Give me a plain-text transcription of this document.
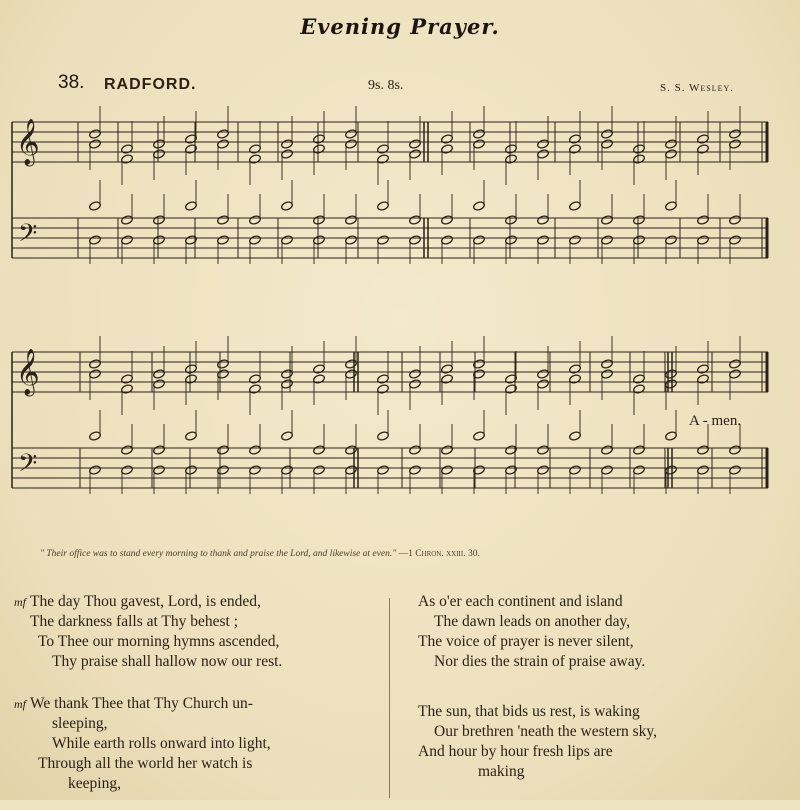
Evening Prayer.
38. RADFORD.	9s. 8s.	S. S. Wesley.
𝄞
𝄢
𝄞
𝄢
A - men.
" Their office was to stand every morning to thank and praise the Lord, and likewise at even." —1 Chron. xxiii. 30.
mf The day Thou gavest, Lord, is ended,
The darkness falls at Thy behest ;
To Thee our morning hymns ascended,
Thy praise shall hallow now our rest.
mf We thank Thee that Thy Church un-
sleeping,
While earth rolls onward into light,
Through all the world her watch is
keeping,
As o'er each continent and island
The dawn leads on another day,
The voice of prayer is never silent,
Nor dies the strain of praise away.
The sun, that bids us rest, is waking
Our brethren 'neath the western sky,
And hour by hour fresh lips are
making
